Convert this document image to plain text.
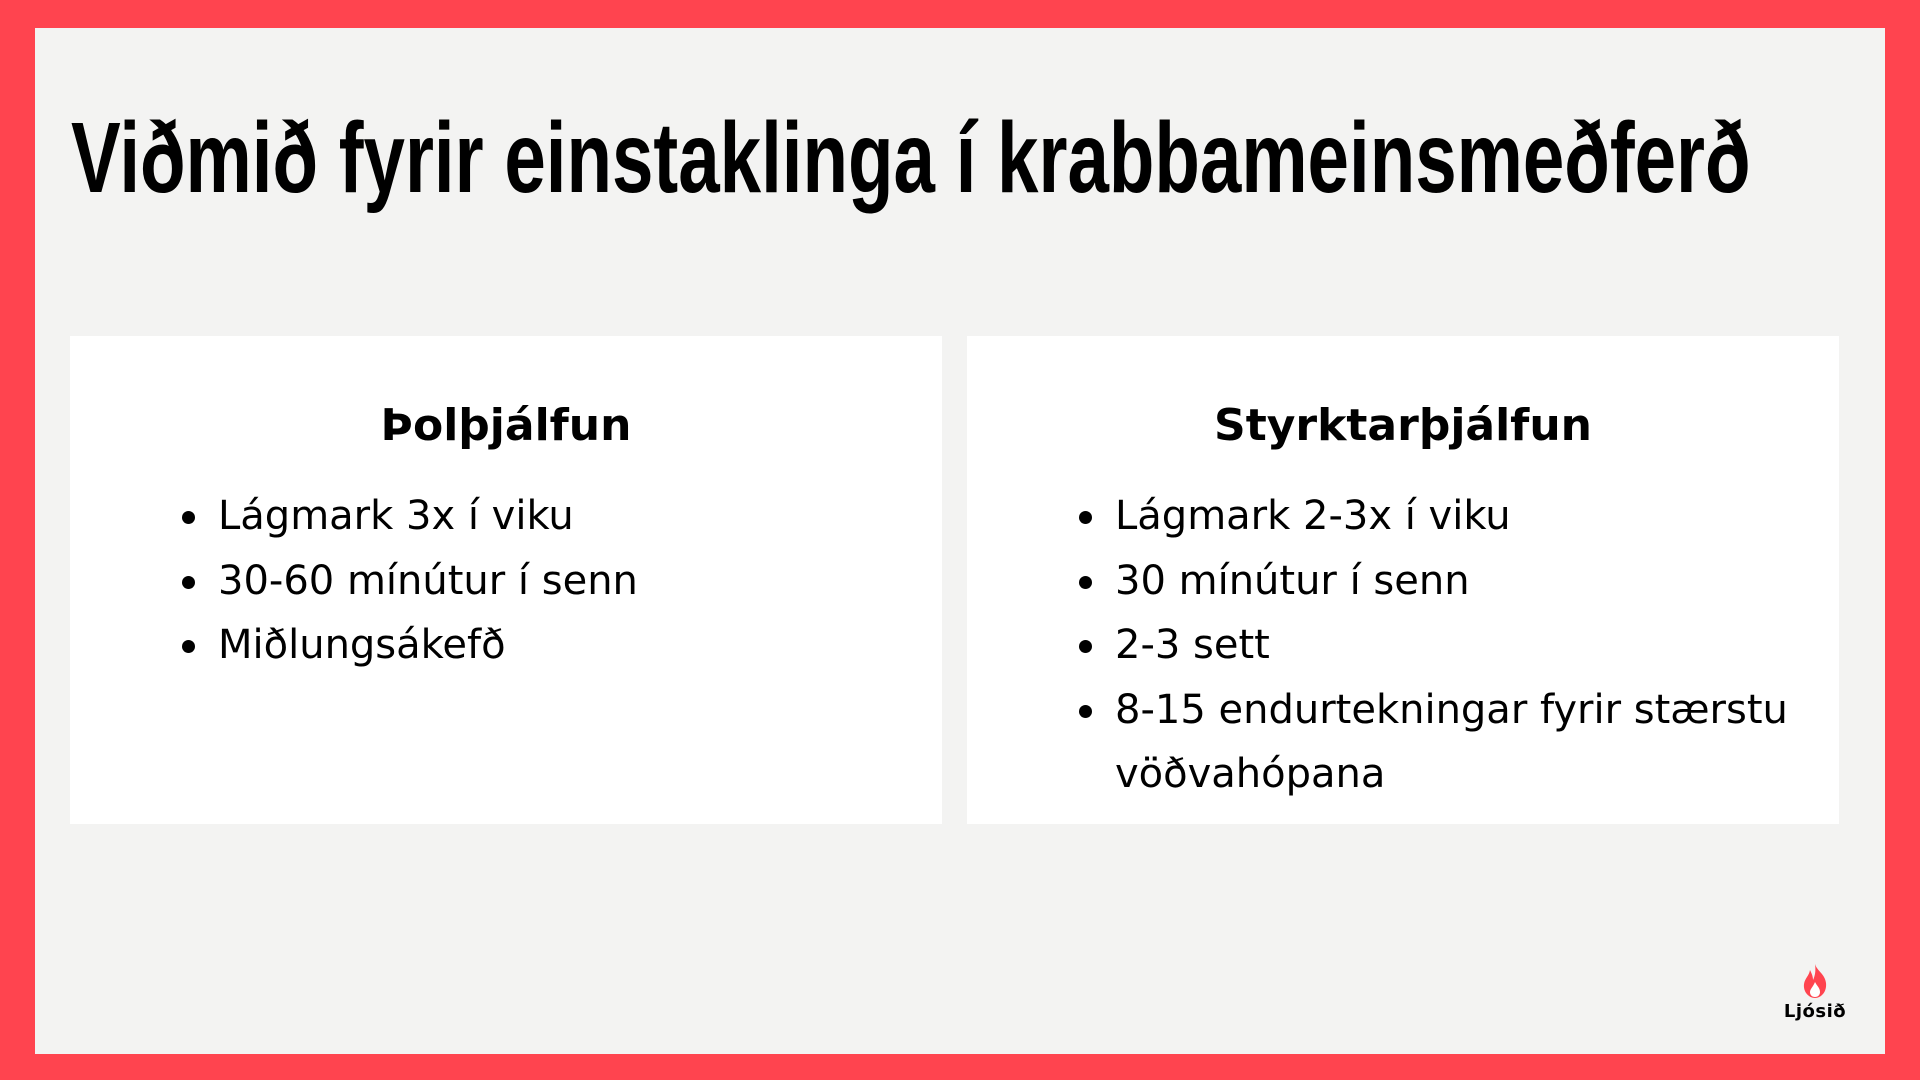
Viðmið fyrir einstaklinga í krabbameinsmeðferð
Þolþjálfun
Lágmark 3x í viku
30-60 mínútur í senn
Miðlungsákefð
Styrktarþjálfun
Lágmark 2-3x í viku
30 mínútur í senn
2-3 sett
8-15 endurtekningar fyrir stærstu vöðvahópana
Ljósið
